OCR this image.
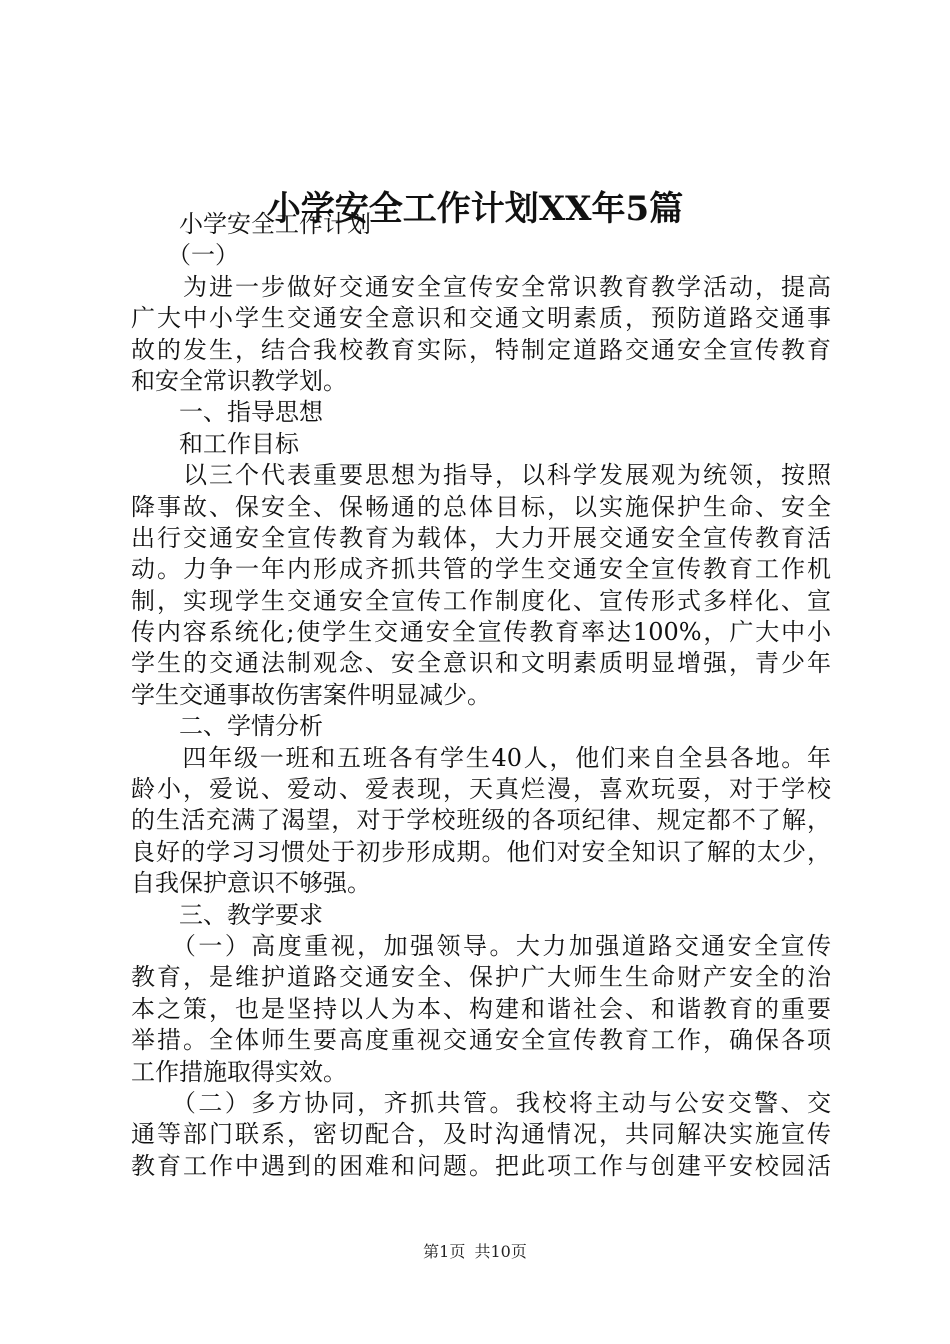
小学安全工作计划XX年5篇
　　小学安全工作计划
　　（一）
　　为进一步做好交通安全宣传安全常识教育教学活动，提高
广大中小学生交通安全意识和交通文明素质，预防道路交通事
故的发生，结合我校教育实际，特制定道路交通安全宣传教育
和安全常识教学划。
　　一、指导思想
　　和工作目标
　　以三个代表重要思想为指导，以科学发展观为统领，按照
降事故、保安全、保畅通的总体目标，以实施保护生命、安全
出行交通安全宣传教育为载体，大力开展交通安全宣传教育活
动。力争一年内形成齐抓共管的学生交通安全宣传教育工作机
制，实现学生交通安全宣传工作制度化、宣传形式多样化、宣
传内容系统化;使学生交通安全宣传教育率达100%，广大中小
学生的交通法制观念、安全意识和文明素质明显增强，青少年
学生交通事故伤害案件明显减少。
　　二、学情分析
　　四年级一班和五班各有学生40人，他们来自全县各地。年
龄小，爱说、爱动、爱表现，天真烂漫，喜欢玩耍，对于学校
的生活充满了渴望，对于学校班级的各项纪律、规定都不了解，
良好的学习习惯处于初步形成期。他们对安全知识了解的太少，
自我保护意识不够强。
　　三、教学要求
　　（一）高度重视，加强领导。大力加强道路交通安全宣传
教育，是维护道路交通安全、保护广大师生生命财产安全的治
本之策，也是坚持以人为本、构建和谐社会、和谐教育的重要
举措。全体师生要高度重视交通安全宣传教育工作，确保各项
工作措施取得实效。
　　（二）多方协同，齐抓共管。我校将主动与公安交警、交
通等部门联系，密切配合，及时沟通情况，共同解决实施宣传
教育工作中遇到的困难和问题。把此项工作与创建平安校园活
第1页 共10页
